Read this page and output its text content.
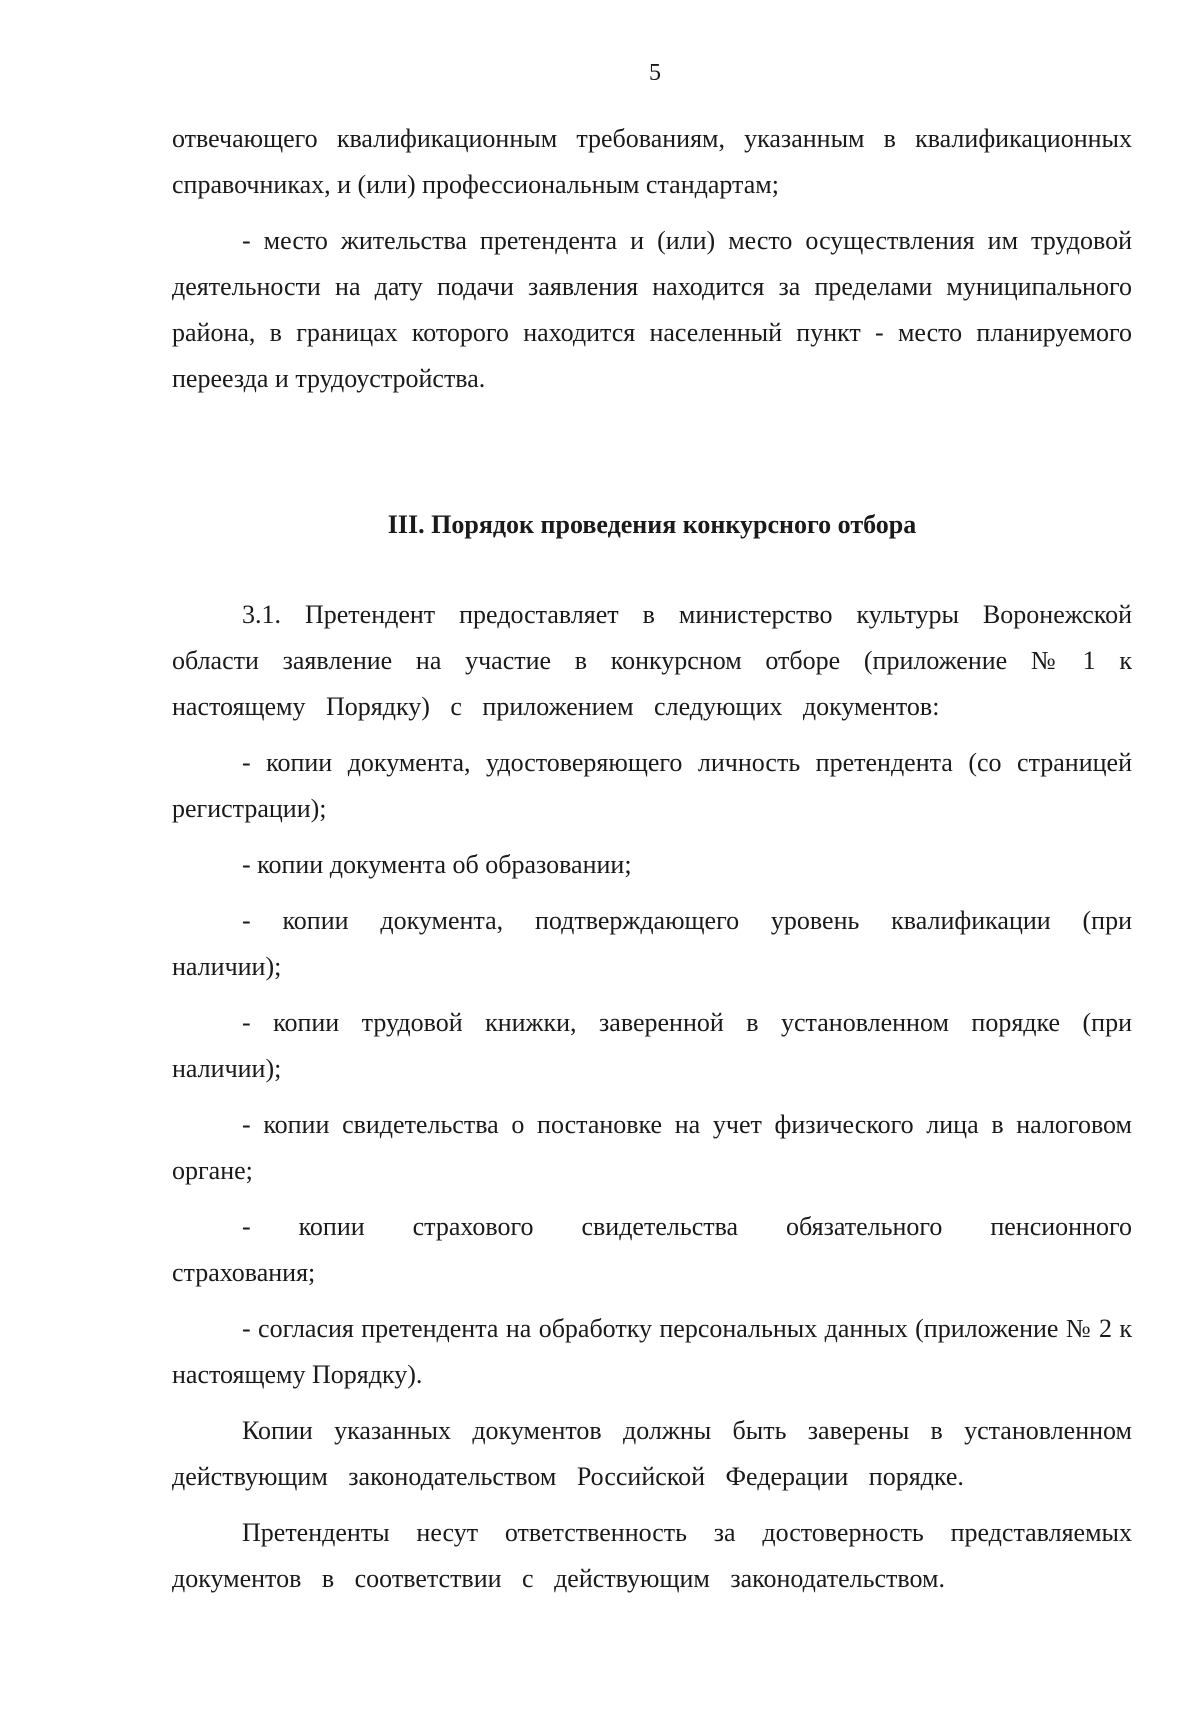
5

отвечающего квалификационным требованиям, указанным в квалификационных справочниках, и (или) профессиональным стандартам;

- место жительства претендента и (или) место осуществления им трудовой деятельности на дату подачи заявления находится за пределами муниципального района, в границах которого находится населенный пункт - место планируемого переезда и трудоустройства.

III. Порядок проведения конкурсного отбора

3.1. Претендент предоставляет в министерство культуры Воронежской области заявление на участие в конкурсном отборе (приложение № 1 к настоящему Порядку) с приложением следующих документов:

- копии документа, удостоверяющего личность претендента (со страницей регистрации);

- копии документа об образовании;

- копии документа, подтверждающего уровень квалификации (при наличии);

- копии трудовой книжки, заверенной в установленном порядке (при наличии);

- копии свидетельства о постановке на учет физического лица в налоговом органе;

- копии страхового свидетельства обязательного пенсионного страхования;

- согласия претендента на обработку персональных данных (приложение № 2 к настоящему Порядку).

Копии указанных документов должны быть заверены в установленном действующим законодательством Российской Федерации порядке.

Претенденты несут ответственность за достоверность представляемых документов в соответствии с действующим законодательством.
